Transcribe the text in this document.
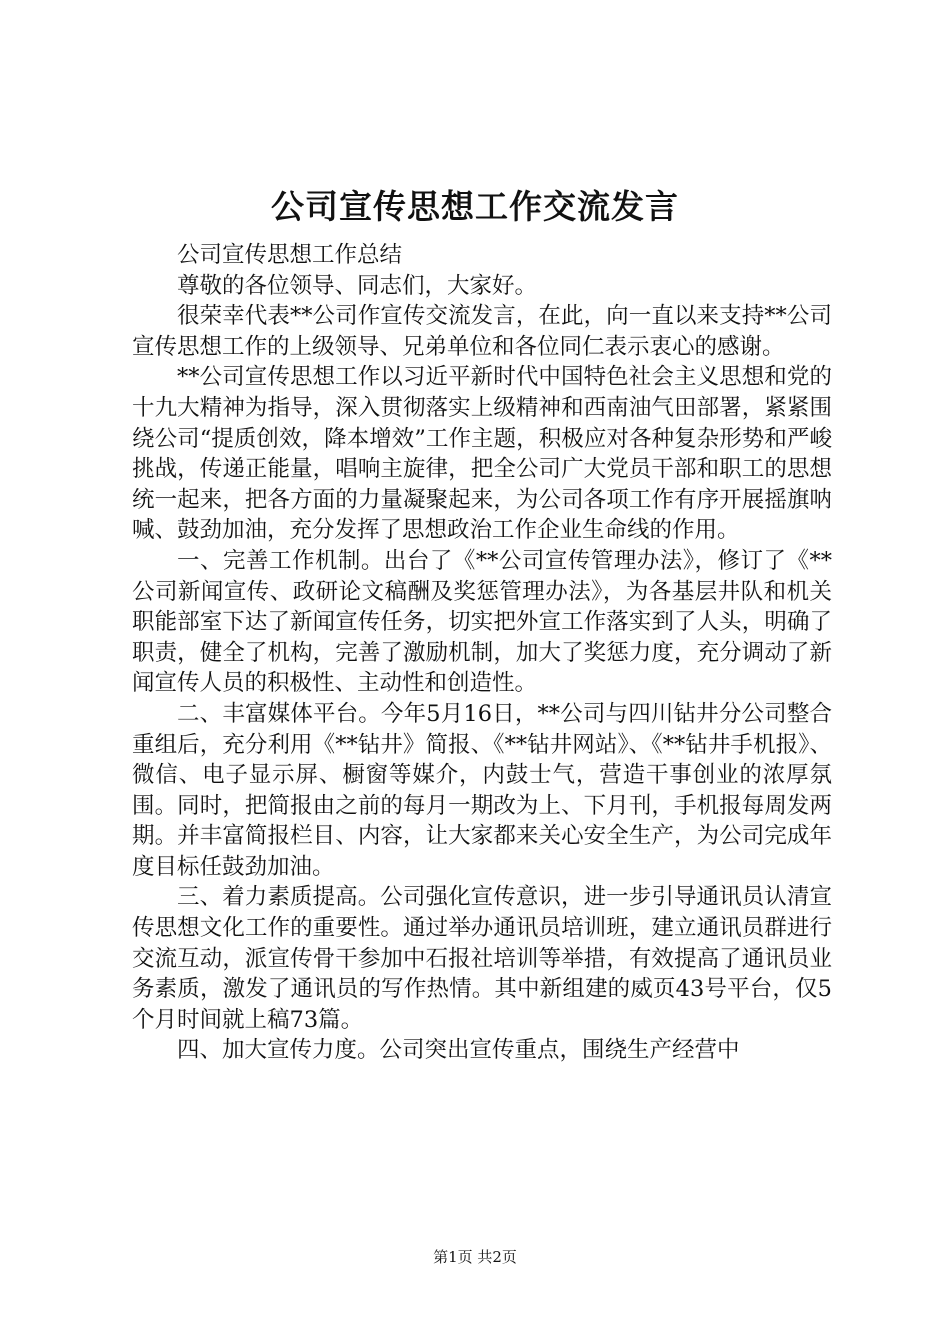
公司宣传思想工作交流发言

公司宣传思想工作总结

尊敬的各位领导、同志们，大家好。

很荣幸代表**公司作宣传交流发言，在此，向一直以来支持**公司宣传思想工作的上级领导、兄弟单位和各位同仁表示衷心的感谢。

**公司宣传思想工作以习近平新时代中国特色社会主义思想和党的十九大精神为指导，深入贯彻落实上级精神和西南油气田部署，紧紧围绕公司“提质创效，降本增效”工作主题，积极应对各种复杂形势和严峻挑战，传递正能量，唱响主旋律，把全公司广大党员干部和职工的思想统一起来，把各方面的力量凝聚起来，为公司各项工作有序开展摇旗呐喊、鼓劲加油，充分发挥了思想政治工作企业生命线的作用。

一、完善工作机制。出台了《**公司宣传管理办法》，修订了《**公司新闻宣传、政研论文稿酬及奖惩管理办法》，为各基层井队和机关职能部室下达了新闻宣传任务，切实把外宣工作落实到了人头，明确了职责，健全了机构，完善了激励机制，加大了奖惩力度，充分调动了新闻宣传人员的积极性、主动性和创造性。

二、丰富媒体平台。今年5月16日，**公司与四川钻井分公司整合重组后，充分利用《**钻井》简报、《**钻井网站》、《**钻井手机报》、微信、电子显示屏、橱窗等媒介，内鼓士气，营造干事创业的浓厚氛围。同时，把简报由之前的每月一期改为上、下月刊，手机报每周发两期。并丰富简报栏目、内容，让大家都来关心安全生产，为公司完成年度目标任鼓劲加油。

三、着力素质提高。公司强化宣传意识，进一步引导通讯员认清宣传思想文化工作的重要性。通过举办通讯员培训班，建立通讯员群进行交流互动，派宣传骨干参加中石报社培训等举措，有效提高了通讯员业务素质，激发了通讯员的写作热情。其中新组建的威页43号平台，仅5个月时间就上稿73篇。

四、加大宣传力度。公司突出宣传重点，围绕生产经营中

第1页 共2页
